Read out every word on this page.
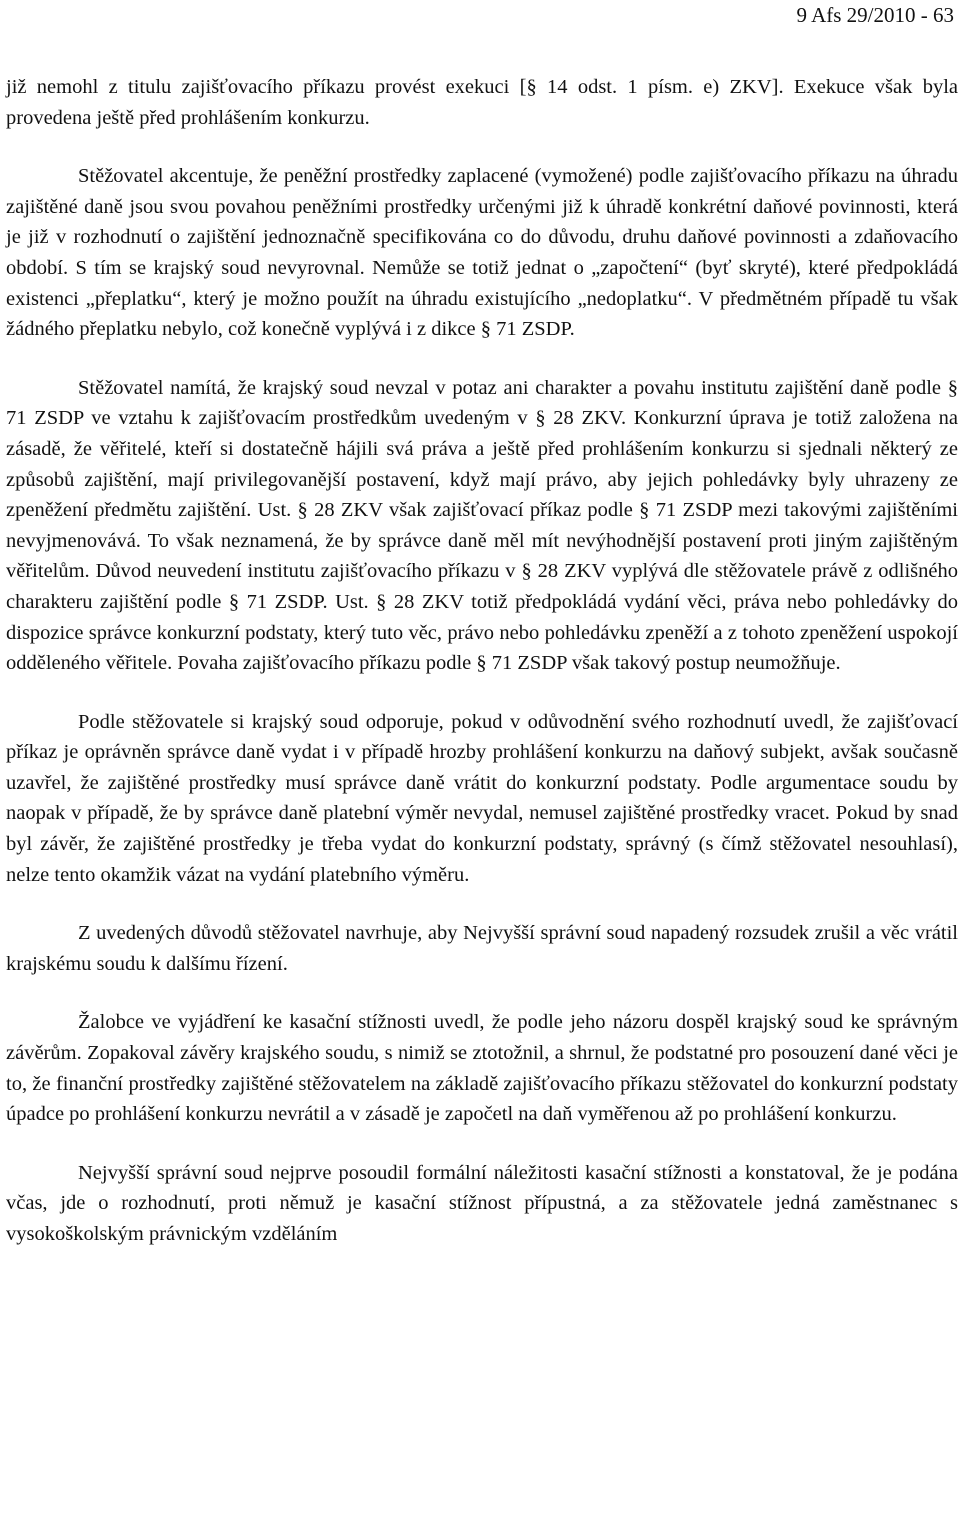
9 Afs 29/2010 - 63

již nemohl z titulu zajišťovacího příkazu provést exekuci [§ 14 odst. 1 písm. e) ZKV]. Exekuce však byla provedena ještě před prohlášením konkurzu.

Stěžovatel akcentuje, že peněžní prostředky zaplacené (vymožené) podle zajišťovacího příkazu na úhradu zajištěné daně jsou svou povahou peněžními prostředky určenými již k úhradě konkrétní daňové povinnosti, která je již v rozhodnutí o zajištění jednoznačně specifikována co do důvodu, druhu daňové povinnosti a zdaňovacího období. S tím se krajský soud nevyrovnal. Nemůže se totiž jednat o „započtení“ (byť skryté), které předpokládá existenci „přeplatku“, který je možno použít na úhradu existujícího „nedoplatku“. V předmětném případě tu však žádného přeplatku nebylo, což konečně vyplývá i z dikce § 71 ZSDP.

Stěžovatel namítá, že krajský soud nevzal v potaz ani charakter a povahu institutu zajištění daně podle § 71 ZSDP ve vztahu k zajišťovacím prostředkům uvedeným v § 28 ZKV. Konkurzní úprava je totiž založena na zásadě, že věřitelé, kteří si dostatečně hájili svá práva a ještě před prohlášením konkurzu si sjednali některý ze způsobů zajištění, mají privilegovanější postavení, když mají právo, aby jejich pohledávky byly uhrazeny ze zpeněžení předmětu zajištění. Ust. § 28 ZKV však zajišťovací příkaz podle § 71 ZSDP mezi takovými zajištěními nevyjmenovává. To však neznamená, že by správce daně měl mít nevýhodnější postavení proti jiným zajištěným věřitelům. Důvod neuvedení institutu zajišťovacího příkazu v § 28 ZKV vyplývá dle stěžovatele právě z odlišného charakteru zajištění podle § 71 ZSDP. Ust. § 28 ZKV totiž předpokládá vydání věci, práva nebo pohledávky do dispozice správce konkurzní podstaty, který tuto věc, právo nebo pohledávku zpeněží a z tohoto zpeněžení uspokojí odděleného věřitele. Povaha zajišťovacího příkazu podle § 71 ZSDP však takový postup neumožňuje.

Podle stěžovatele si krajský soud odporuje, pokud v odůvodnění svého rozhodnutí uvedl, že zajišťovací příkaz je oprávněn správce daně vydat i v případě hrozby prohlášení konkurzu na daňový subjekt, avšak současně uzavřel, že zajištěné prostředky musí správce daně vrátit do konkurzní podstaty. Podle argumentace soudu by naopak v případě, že by správce daně platební výměr nevydal, nemusel zajištěné prostředky vracet. Pokud by snad byl závěr, že zajištěné prostředky je třeba vydat do konkurzní podstaty, správný (s čímž stěžovatel nesouhlasí), nelze tento okamžik vázat na vydání platebního výměru.

Z uvedených důvodů stěžovatel navrhuje, aby Nejvyšší správní soud napadený rozsudek zrušil a věc vrátil krajskému soudu k dalšímu řízení.

Žalobce ve vyjádření ke kasační stížnosti uvedl, že podle jeho názoru dospěl krajský soud ke správným závěrům. Zopakoval závěry krajského soudu, s nimiž se ztotožnil, a shrnul, že podstatné pro posouzení dané věci je to, že finanční prostředky zajištěné stěžovatelem na základě zajišťovacího příkazu stěžovatel do konkurzní podstaty úpadce po prohlášení konkurzu nevrátil a v zásadě je započetl na daň vyměřenou až po prohlášení konkurzu.

Nejvyšší správní soud nejprve posoudil formální náležitosti kasační stížnosti a konstatoval, že je podána včas, jde o rozhodnutí, proti němuž je kasační stížnost přípustná, a za stěžovatele jedná zaměstnanec s vysokoškolským právnickým vzděláním
